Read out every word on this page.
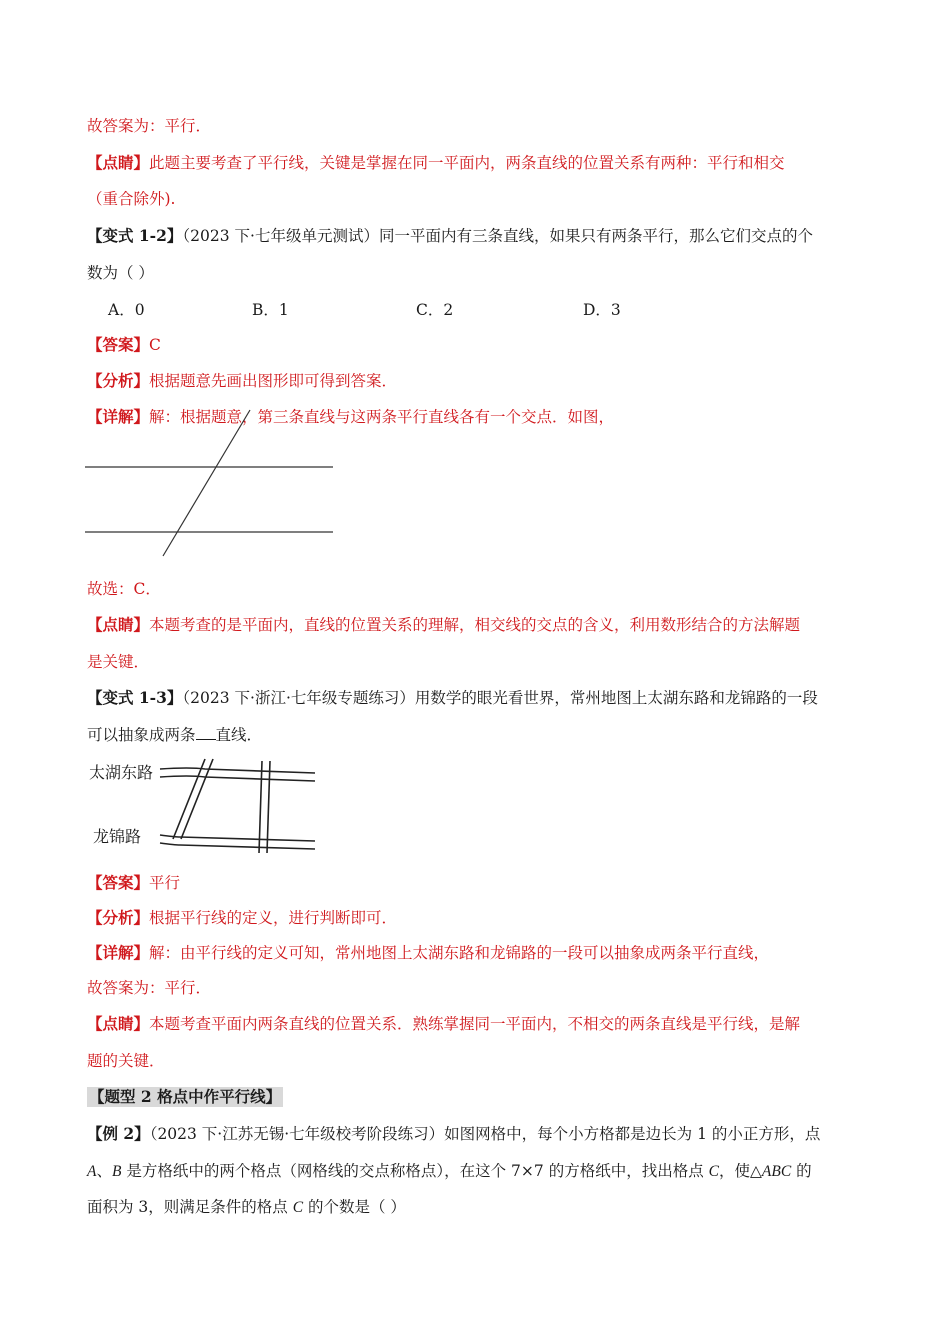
故答案为：平行．
【点睛】此题主要考查了平行线，关键是掌握在同一平面内，两条直线的位置关系有两种：平行和相交
（重合除外).
【变式 1-2】（2023 下·七年级单元测试）同一平面内有三条直线，如果只有两条平行，那么它们交点的个
数为（ ）
A．0	B．1	C．2	D．3
【答案】C
【分析】根据题意先画出图形即可得到答案．
【详解】解：根据题意，第三条直线与这两条平行直线各有一个交点．如图，
故选：C．
【点睛】本题考查的是平面内，直线的位置关系的理解，相交线的交点的含义，利用数形结合的方法解题
是关键．
【变式 1-3】（2023 下·浙江·七年级专题练习）用数学的眼光看世界，常州地图上太湖东路和龙锦路的一段
可以抽象成两条 直线．
太湖东路
龙锦路
【答案】平行
【分析】根据平行线的定义，进行判断即可．
【详解】解：由平行线的定义可知，常州地图上太湖东路和龙锦路的一段可以抽象成两条平行直线，
故答案为：平行．
【点睛】本题考查平面内两条直线的位置关系．熟练掌握同一平面内，不相交的两条直线是平行线，是解
题的关键．
【题型 2 格点中作平行线】
【例 2】（2023 下·江苏无锡·七年级校考阶段练习）如图网格中，每个小方格都是边长为 1 的小正方形，点
A、B 是方格纸中的两个格点（网格线的交点称格点），在这个 7×7 的方格纸中，找出格点 C，使△ABC 的
面积为 3，则满足条件的格点 C 的个数是（ ）
